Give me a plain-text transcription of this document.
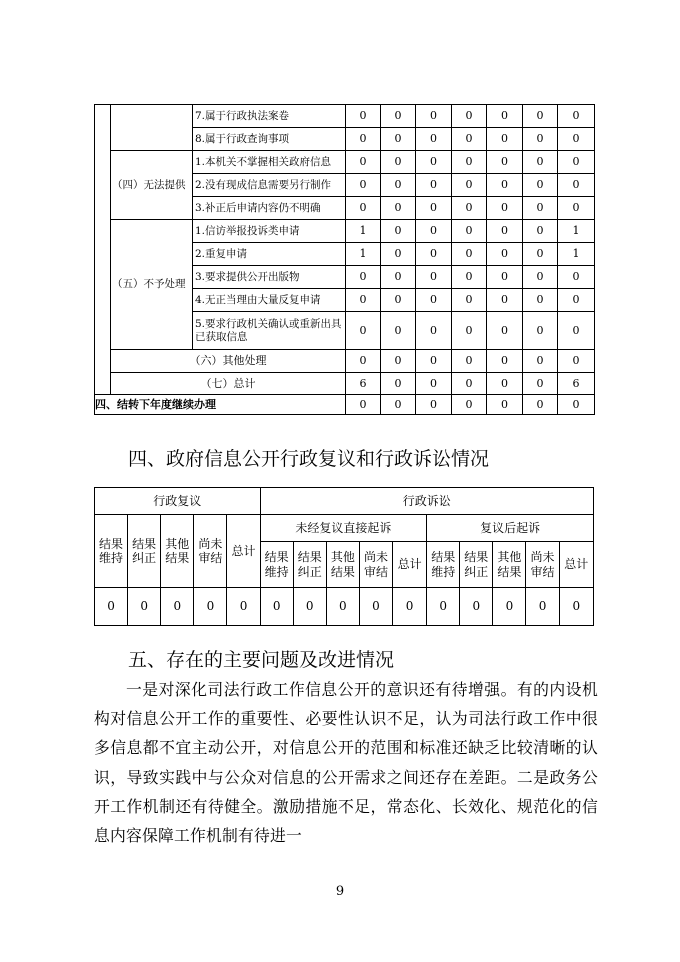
		7.属于行政执法案卷	0	0	0	0	0	0	0
		8.属于行政查询事项	0	0	0	0	0	0	0
	（四）无法提供	1.本机关不掌握相关政府信息	0	0	0	0	0	0	0
		2.没有现成信息需要另行制作	0	0	0	0	0	0	0
		3.补正后申请内容仍不明确	0	0	0	0	0	0	0
	（五）不予处理	1.信访举报投诉类申请	1	0	0	0	0	0	1
		2.重复申请	1	0	0	0	0	0	1
		3.要求提供公开出版物	0	0	0	0	0	0	0
		4.无正当理由大量反复申请	0	0	0	0	0	0	0
		5.要求行政机关确认或重新出具已获取信息	0	0	0	0	0	0	0
	（六）其他处理		0	0	0	0	0	0	0
	（七）总计		6	0	0	0	0	0	6
四、结转下年度继续办理			0	0	0	0	0	0	0
四、政府信息公开行政复议和行政诉讼情况
行政复议					行政诉讼									
结果维持	结果纠正	其他结果	尚未审结	总计	未经复议直接起诉					复议后起诉				
					结果维持	结果纠正	其他结果	尚未审结	总计	结果维持	结果纠正	其他结果	尚未审结	总计
0	0	0	0	0	0	0	0	0	0	0	0	0	0	0
五、存在的主要问题及改进情况

一是对深化司法行政工作信息公开的意识还有待增强。有的内设机构对信息公开工作的重要性、必要性认识不足，认为司法行政工作中很多信息都不宜主动公开，对信息公开的范围和标准还缺乏比较清晰的认识，导致实践中与公众对信息的公开需求之间还存在差距。二是政务公开工作机制还有待健全。激励措施不足，常态化、长效化、规范化的信息内容保障工作机制有待进一

9
